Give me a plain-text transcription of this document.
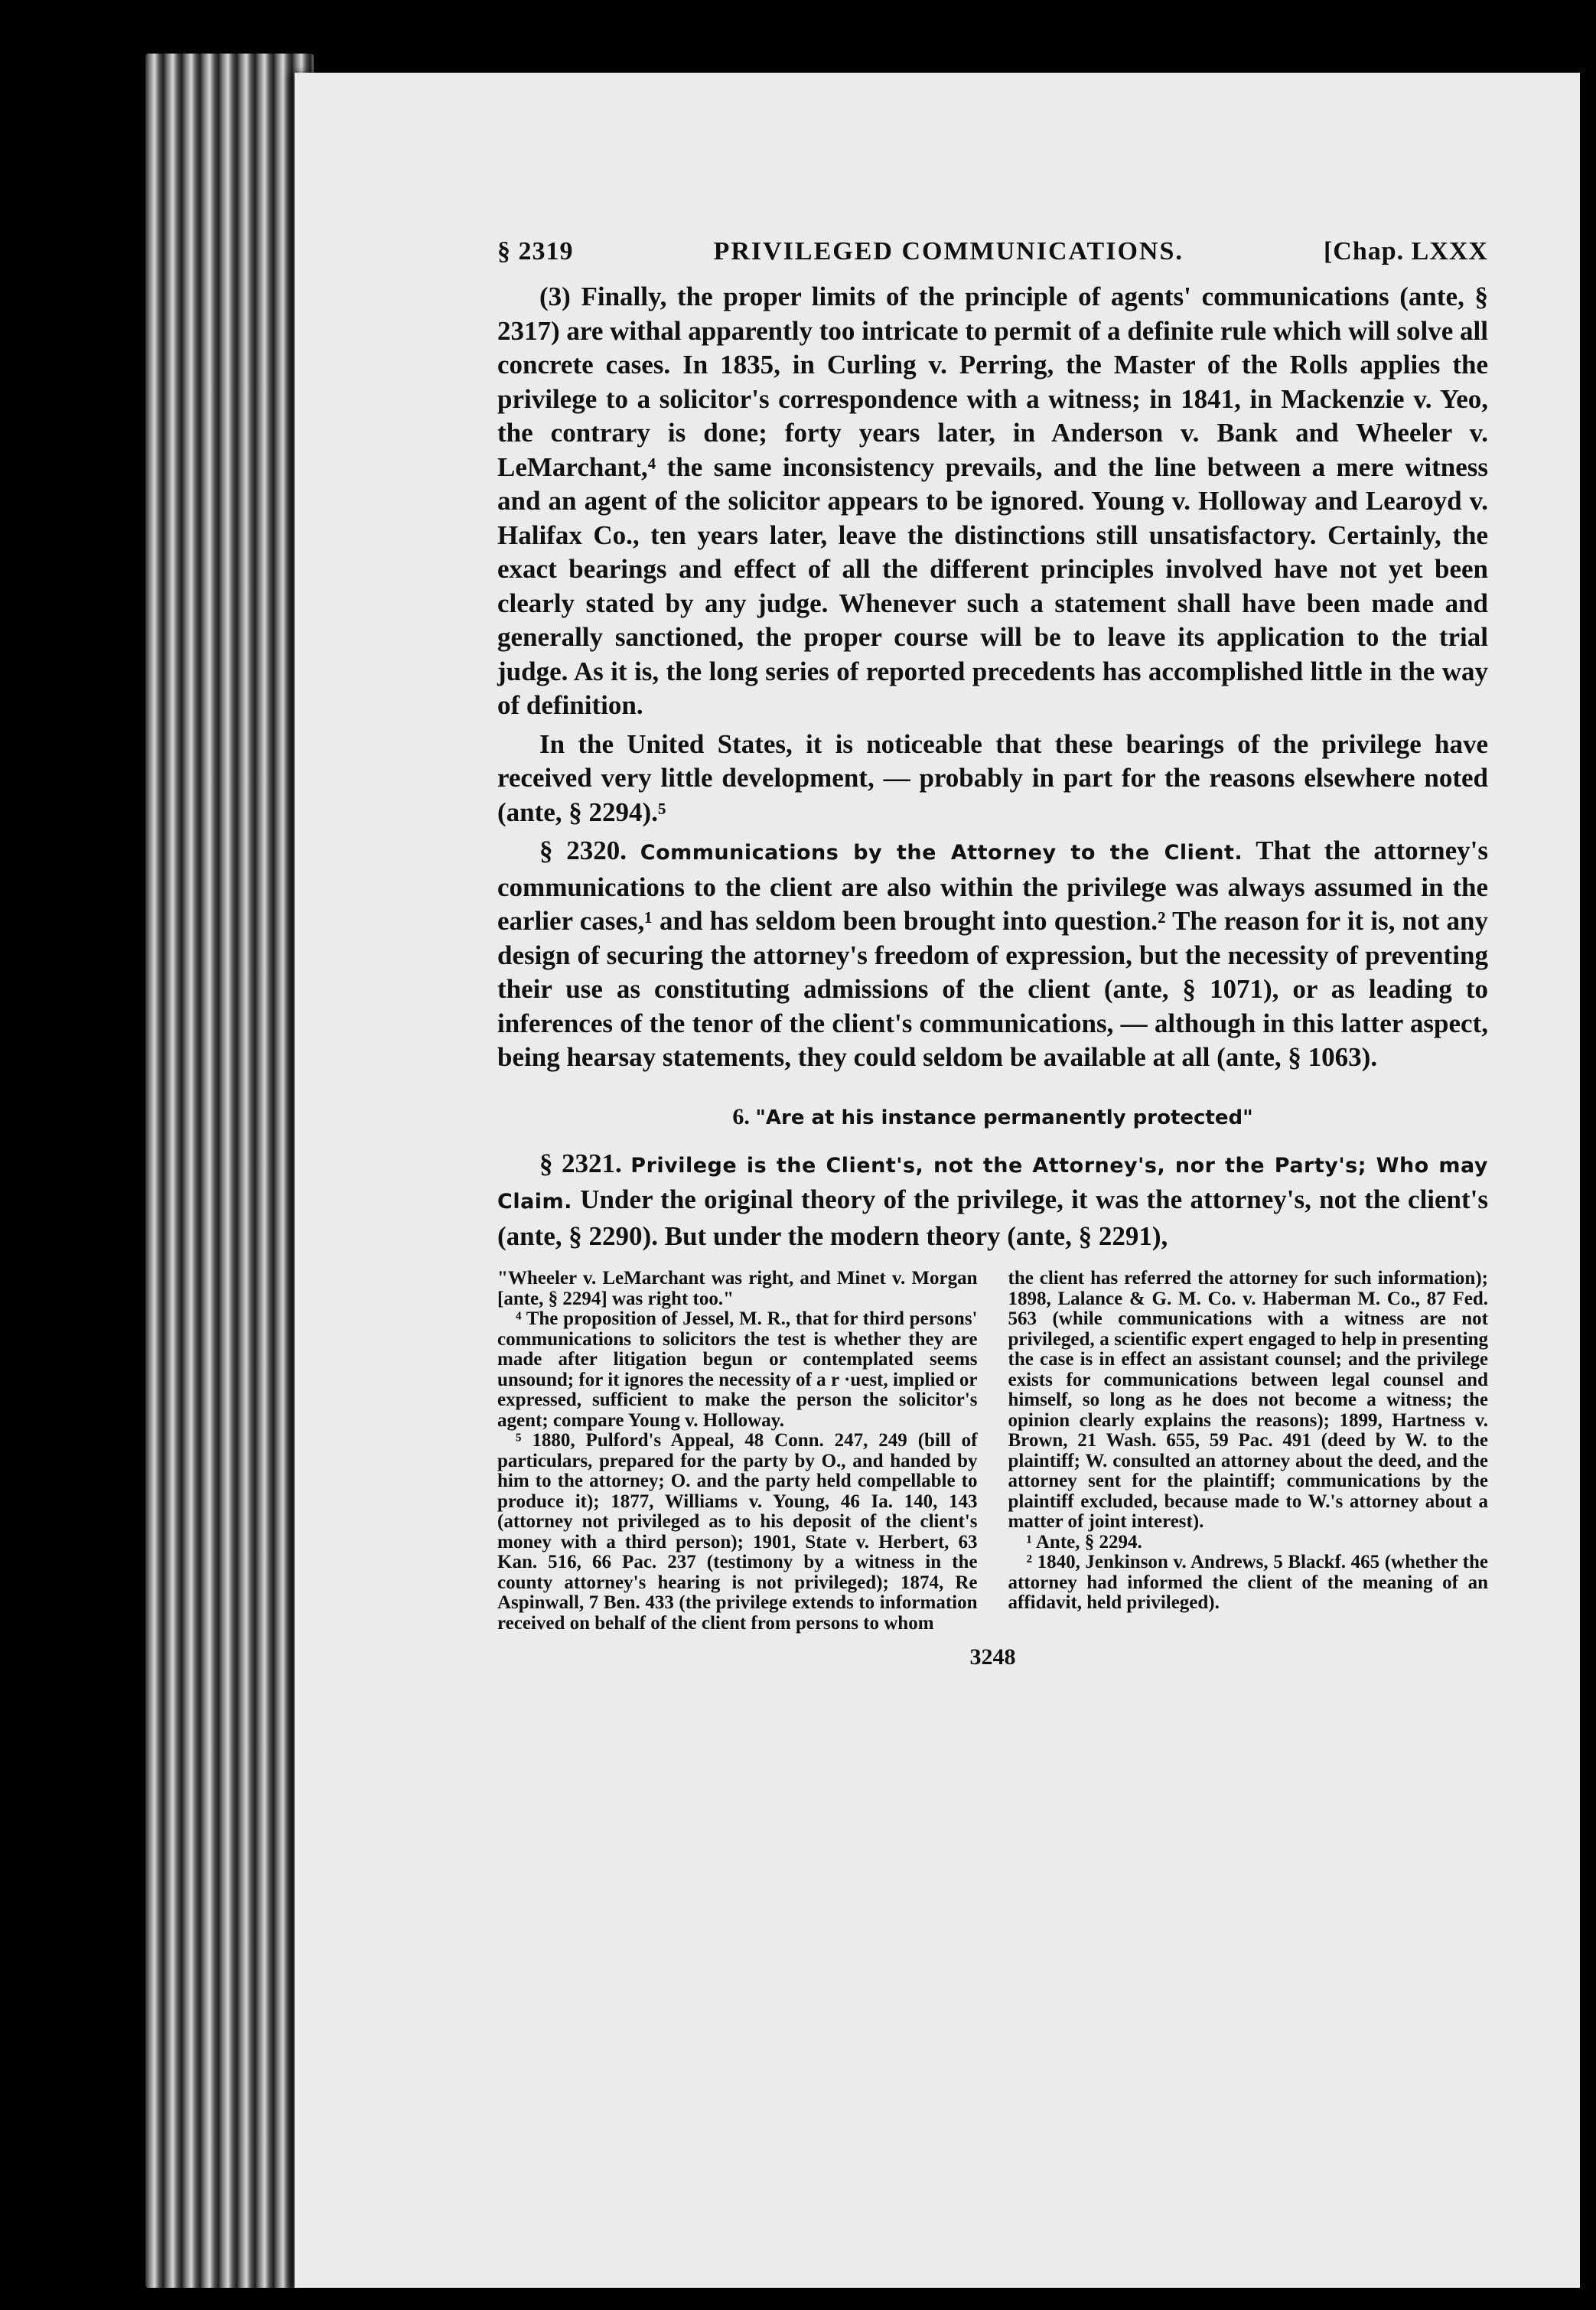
§ 2319	PRIVILEGED COMMUNICATIONS.	[Chap. LXXX

(3) Finally, the proper limits of the principle of agents' communications (ante, § 2317) are withal apparently too intricate to permit of a definite rule which will solve all concrete cases. In 1835, in Curling v. Perring, the Master of the Rolls applies the privilege to a solicitor's correspondence with a witness; in 1841, in Mackenzie v. Yeo, the contrary is done; forty years later, in Anderson v. Bank and Wheeler v. LeMarchant,⁴ the same inconsistency prevails, and the line between a mere witness and an agent of the solicitor appears to be ignored. Young v. Holloway and Learoyd v. Halifax Co., ten years later, leave the distinctions still unsatisfactory. Certainly, the exact bearings and effect of all the different principles involved have not yet been clearly stated by any judge. Whenever such a statement shall have been made and generally sanctioned, the proper course will be to leave its application to the trial judge. As it is, the long series of reported precedents has accomplished little in the way of definition.

In the United States, it is noticeable that these bearings of the privilege have received very little development, — probably in part for the reasons elsewhere noted (ante, § 2294).⁵

§ 2320. Communications by the Attorney to the Client. That the attorney's communications to the client are also within the privilege was always assumed in the earlier cases,¹ and has seldom been brought into question.² The reason for it is, not any design of securing the attorney's freedom of expression, but the necessity of preventing their use as constituting admissions of the client (ante, § 1071), or as leading to inferences of the tenor of the client's communications, — although in this latter aspect, being hearsay statements, they could seldom be available at all (ante, § 1063).

6. "Are at his instance permanently protected"

§ 2321. Privilege is the Client's, not the Attorney's, nor the Party's; Who may Claim. Under the original theory of the privilege, it was the attorney's, not the client's (ante, § 2290). But under the modern theory (ante, § 2291),

"Wheeler v. LeMarchant was right, and Minet v. Morgan [ante, § 2294] was right too."

⁴ The proposition of Jessel, M. R., that for third persons' communications to solicitors the test is whether they are made after litigation begun or contemplated seems unsound; for it ignores the necessity of a r ·uest, implied or expressed, sufficient to make the person the solicitor's agent; compare Young v. Holloway.

⁵ 1880, Pulford's Appeal, 48 Conn. 247, 249 (bill of particulars, prepared for the party by O., and handed by him to the attorney; O. and the party held compellable to produce it); 1877, Williams v. Young, 46 Ia. 140, 143 (attorney not privileged as to his deposit of the client's money with a third person); 1901, State v. Herbert, 63 Kan. 516, 66 Pac. 237 (testimony by a witness in the county attorney's hearing is not privileged); 1874, Re Aspinwall, 7 Ben. 433 (the privilege extends to information received on behalf of the client from persons to whom

the client has referred the attorney for such information); 1898, Lalance & G. M. Co. v. Haberman M. Co., 87 Fed. 563 (while communications with a witness are not privileged, a scientific expert engaged to help in presenting the case is in effect an assistant counsel; and the privilege exists for communications between legal counsel and himself, so long as he does not become a witness; the opinion clearly explains the reasons); 1899, Hartness v. Brown, 21 Wash. 655, 59 Pac. 491 (deed by W. to the plaintiff; W. consulted an attorney about the deed, and the attorney sent for the plaintiff; communications by the plaintiff excluded, because made to W.'s attorney about a matter of joint interest).

¹ Ante, § 2294.

² 1840, Jenkinson v. Andrews, 5 Blackf. 465 (whether the attorney had informed the client of the meaning of an affidavit, held privileged).

3248
